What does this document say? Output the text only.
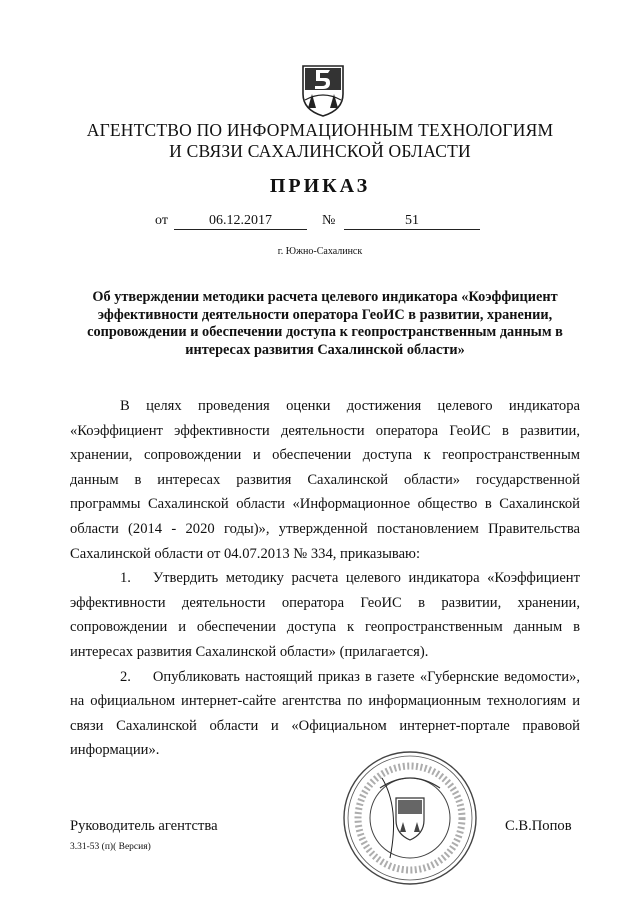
АГЕНТСТВО ПО ИНФОРМАЦИОННЫМ ТЕХНОЛОГИЯМ
И СВЯЗИ САХАЛИНСКОЙ ОБЛАСТИ
ПРИКАЗ
от	06.12.2017	№	51
г. Южно-Сахалинск
Об утверждении методики расчета целевого индикатора «Коэффициент эффективности деятельности оператора ГеоИС в развитии, хранении, сопровождении и обеспечении доступа к геопространственным данным в интересах развития Сахалинской области»

В целях проведения оценки достижения целевого индикатора «Коэффициент эффективности деятельности оператора ГеоИС в развитии, хранении, сопровождении и обеспечении доступа к геопространственным данным в интересах развития Сахалинской области» государственной программы Сахалинской области «Информационное общество в Сахалинской области (2014 - 2020 годы)», утвержденной постановлением Правительства Сахалинской области от 04.07.2013 № 334, приказываю:

1.  Утвердить методику расчета целевого индикатора «Коэффициент эффективности деятельности оператора ГеоИС в развитии, хранении, сопровождении и обеспечении доступа к геопространственным данным в интересах развития Сахалинской области» (прилагается).

2.  Опубликовать настоящий приказ в газете «Губернские ведомости», на официальном интернет-сайте агентства по информационным технологиям и связи Сахалинской области и «Официальном интернет-портале правовой информации».

Руководитель агентства	С.В.Попов
3.31-53 (п)( Версия)
